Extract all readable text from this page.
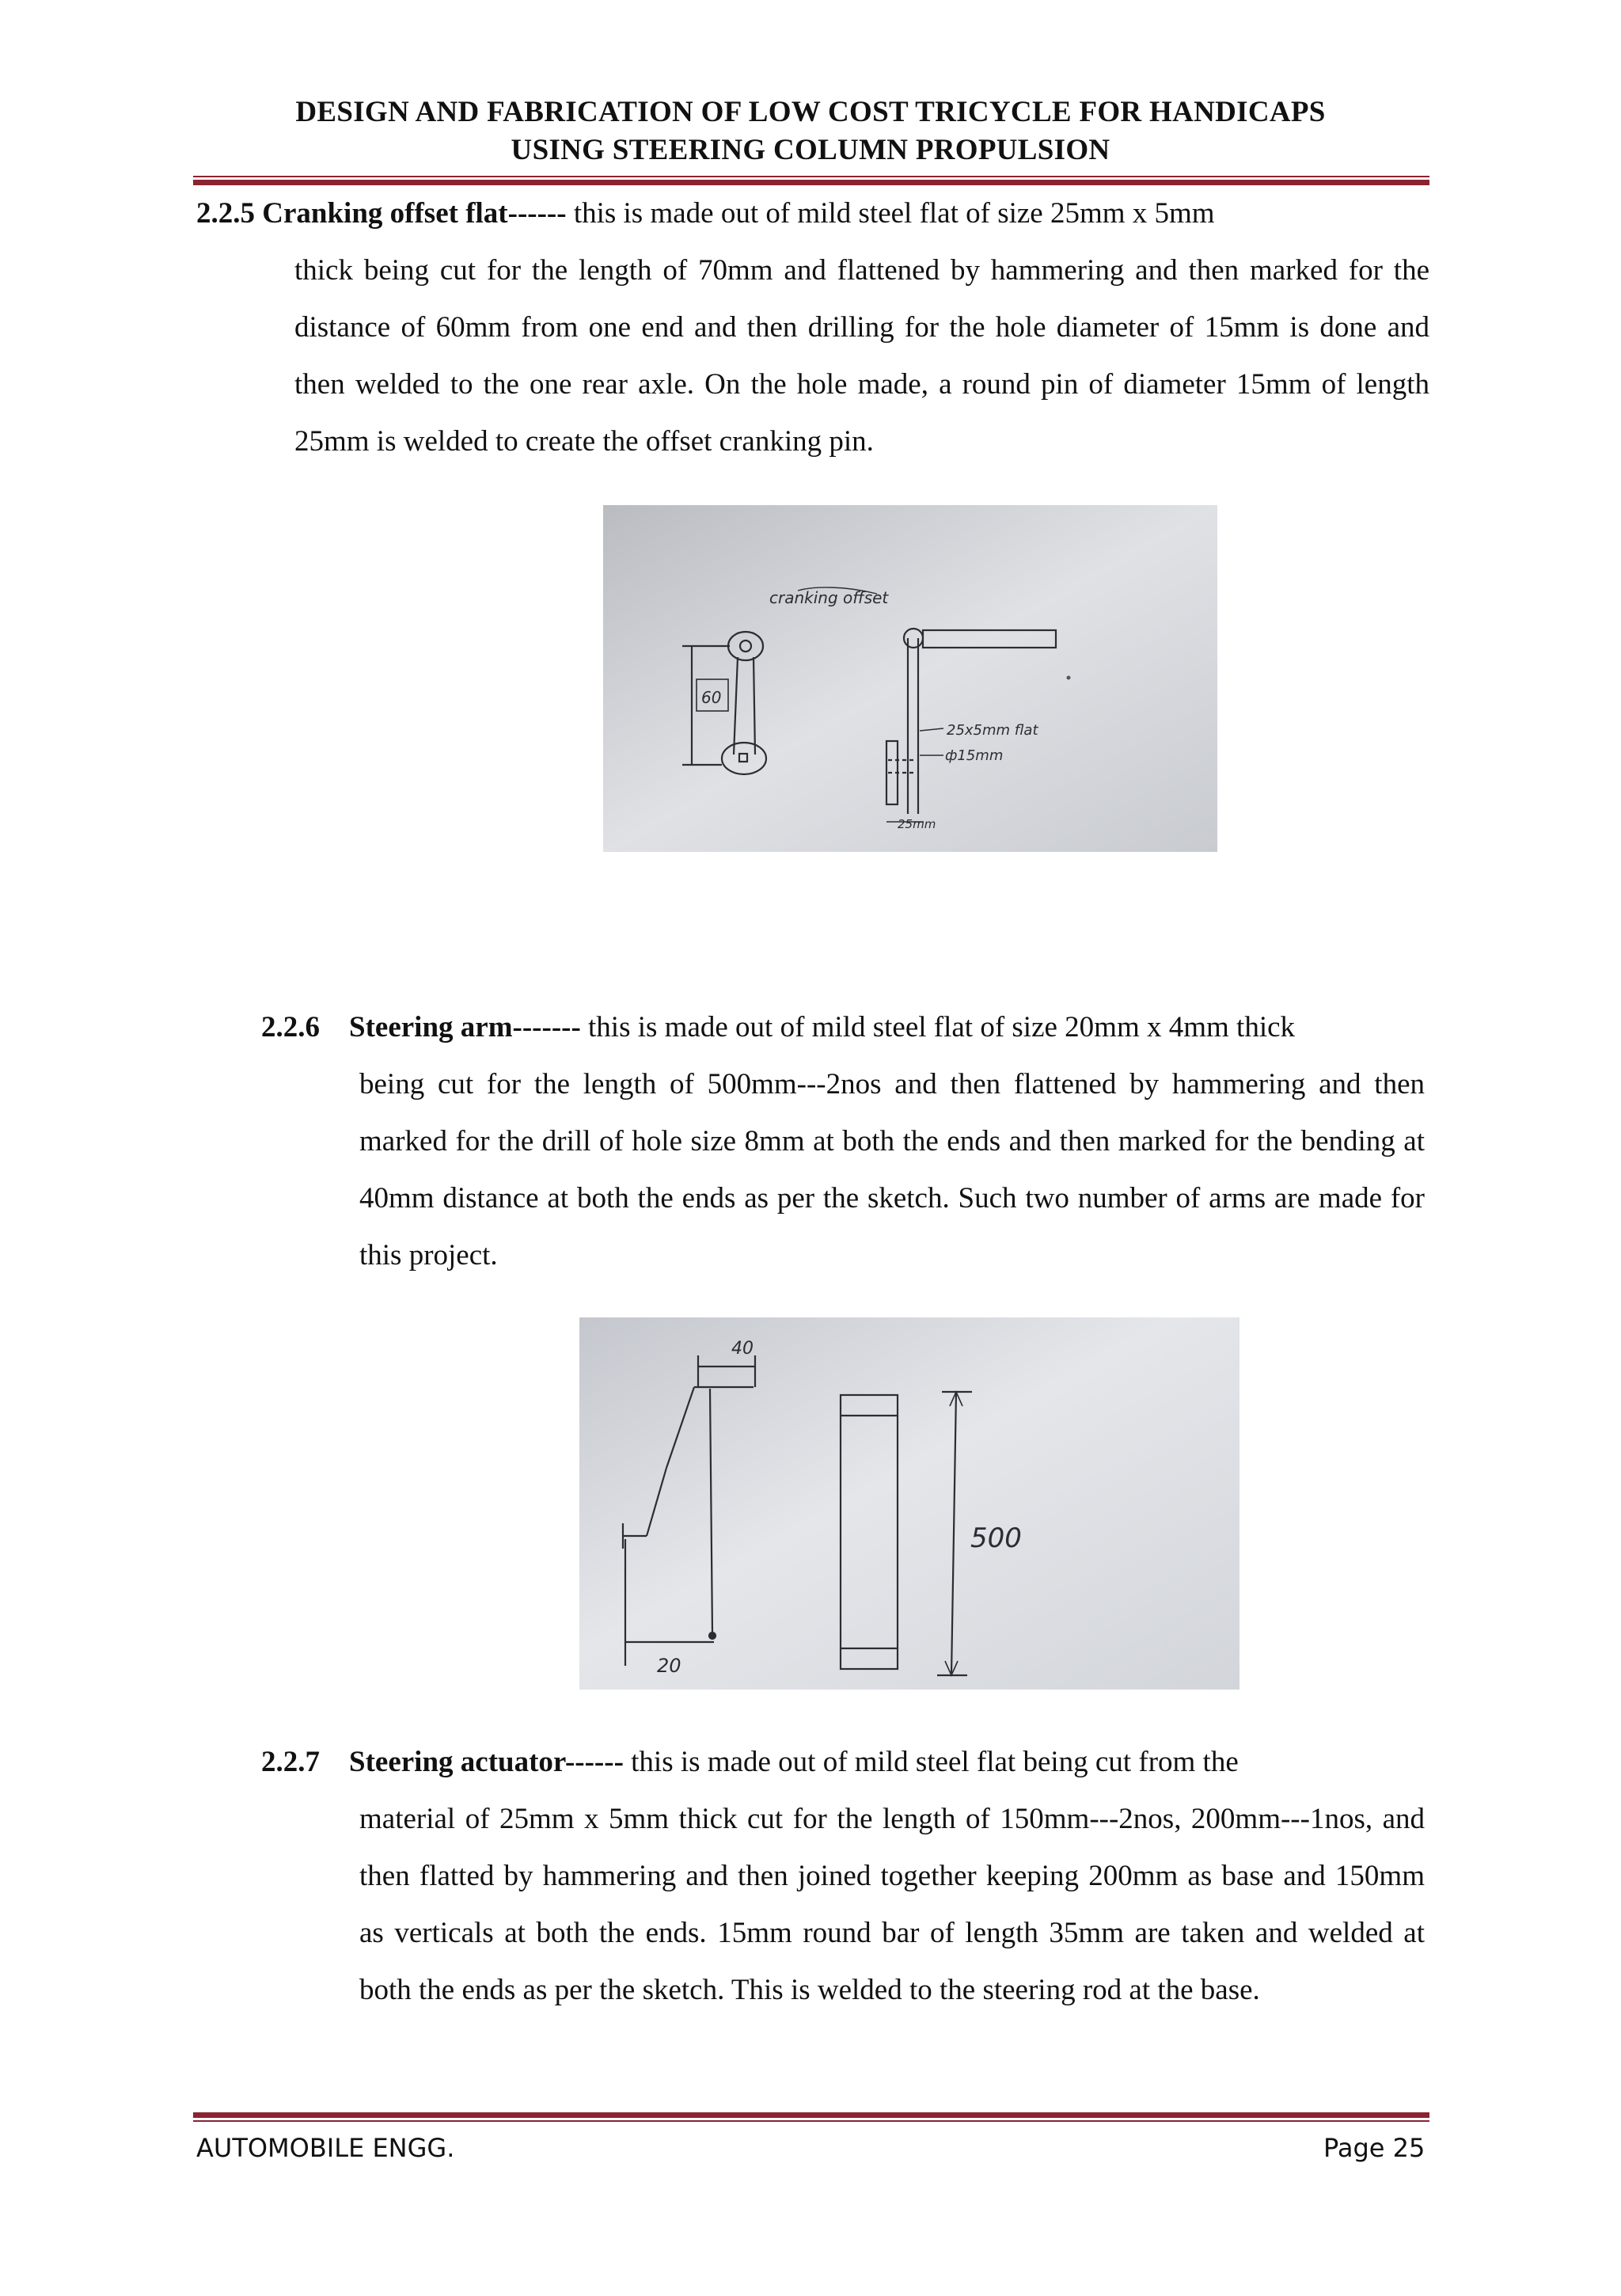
DESIGN AND FABRICATION OF LOW COST TRICYCLE FOR HANDICAPS
USING STEERING COLUMN PROPULSION
2.2.5 Cranking offset flat------ this is made out of mild steel flat of size 25mm x 5mm
thick being cut for the length of 70mm and flattened by hammering and then marked for the distance of 60mm from one end and then drilling for the hole diameter of 15mm is done and then welded to the one rear axle. On the hole made, a round pin of diameter 15mm of length 25mm is welded to create the offset cranking pin.
cranking offset
60
25x5mm flat
ф15mm
25mm
2.2.6 Steering arm------- this is made out of mild steel flat of size 20mm x 4mm thick
being cut for the length of 500mm---2nos and then flattened by hammering and then marked for the drill of hole size 8mm at both the ends and then marked for the bending at 40mm distance at both the ends as per the sketch. Such two number of arms are made for this project.
40
500
20
2.2.7 Steering actuator------ this is made out of mild steel flat being cut from the
material of 25mm x 5mm thick cut for the length of 150mm---2nos, 200mm---1nos, and then flatted by hammering and then joined together keeping 200mm as base and 150mm as verticals at both the ends. 15mm round bar of length 35mm are taken and welded at both the ends as per the sketch. This is welded to the steering rod at the base.
AUTOMOBILE ENGG.	Page 25
